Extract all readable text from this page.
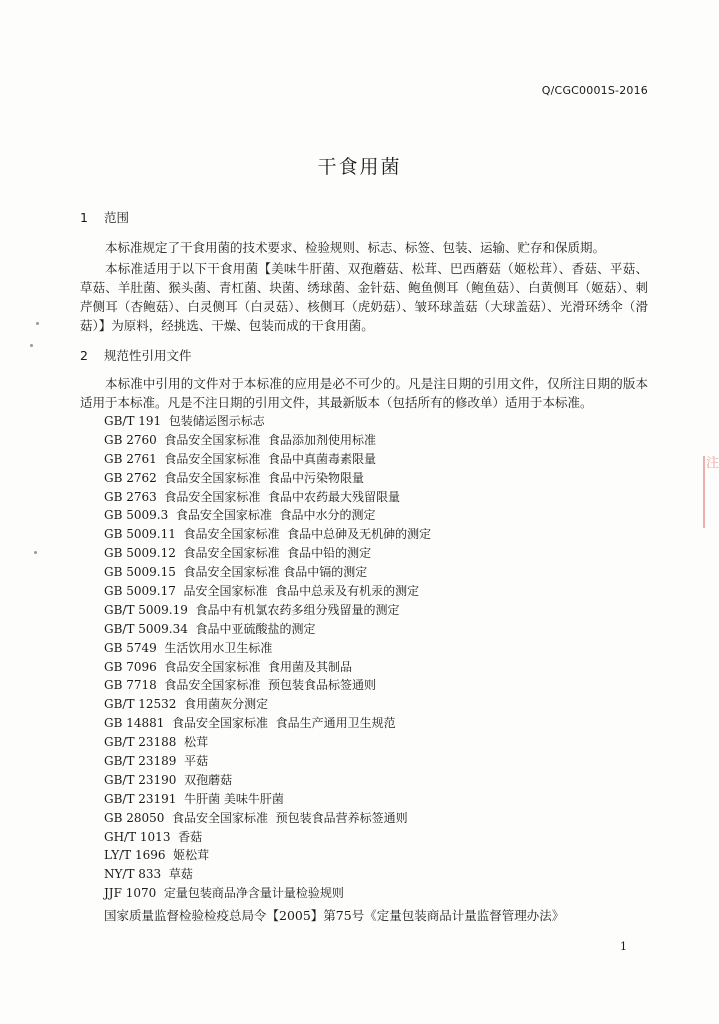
Q/CGC0001S-2016
干食用菌
1 范围
本标准规定了干食用菌的技术要求、检验规则、标志、标签、包装、运输、贮存和保质期。
本标准适用于以下干食用菌【美味牛肝菌、双孢蘑菇、松茸、巴西蘑菇（姬松茸）、香菇、平菇、草菇、羊肚菌、猴头菌、青杠菌、块菌、绣球菌、金针菇、鲍鱼侧耳（鲍鱼菇）、白黄侧耳（姬菇）、刺芹侧耳（杏鲍菇）、白灵侧耳（白灵菇）、核侧耳（虎奶菇）、皱环球盖菇（大球盖菇）、光滑环绣伞（滑菇）】为原料，经挑选、干燥、包装而成的干食用菌。
2 规范性引用文件
本标准中引用的文件对于本标准的应用是必不可少的。凡是注日期的引用文件，仅所注日期的版本适用于本标准。凡是不注日期的引用文件，其最新版本（包括所有的修改单）适用于本标准。
GB/T 191  包装储运图示标志
GB 2760  食品安全国家标准  食品添加剂使用标准
GB 2761  食品安全国家标准  食品中真菌毒素限量
GB 2762  食品安全国家标准  食品中污染物限量
GB 2763  食品安全国家标准  食品中农药最大残留限量
GB 5009.3  食品安全国家标准  食品中水分的测定
GB 5009.11  食品安全国家标准  食品中总砷及无机砷的测定
GB 5009.12  食品安全国家标准  食品中铅的测定
GB 5009.15  食品安全国家标准 食品中镉的测定
GB 5009.17  品安全国家标准  食品中总汞及有机汞的测定
GB/T 5009.19  食品中有机氯农药多组分残留量的测定
GB/T 5009.34  食品中亚硫酸盐的测定
GB 5749  生活饮用水卫生标准
GB 7096  食品安全国家标准  食用菌及其制品
GB 7718  食品安全国家标准  预包装食品标签通则
GB/T 12532  食用菌灰分测定
GB 14881  食品安全国家标准  食品生产通用卫生规范
GB/T 23188  松茸
GB/T 23189  平菇
GB/T 23190  双孢蘑菇
GB/T 23191  牛肝菌 美味牛肝菌
GB 28050  食品安全国家标准  预包装食品营养标签通则
GH/T 1013  香菇
LY/T 1696  姬松茸
NY/T 833  草菇
JJF 1070  定量包装商品净含量计量检验规则
国家质量监督检验检疫总局令【2005】第75号《定量包装商品计量监督管理办法》
1
注
